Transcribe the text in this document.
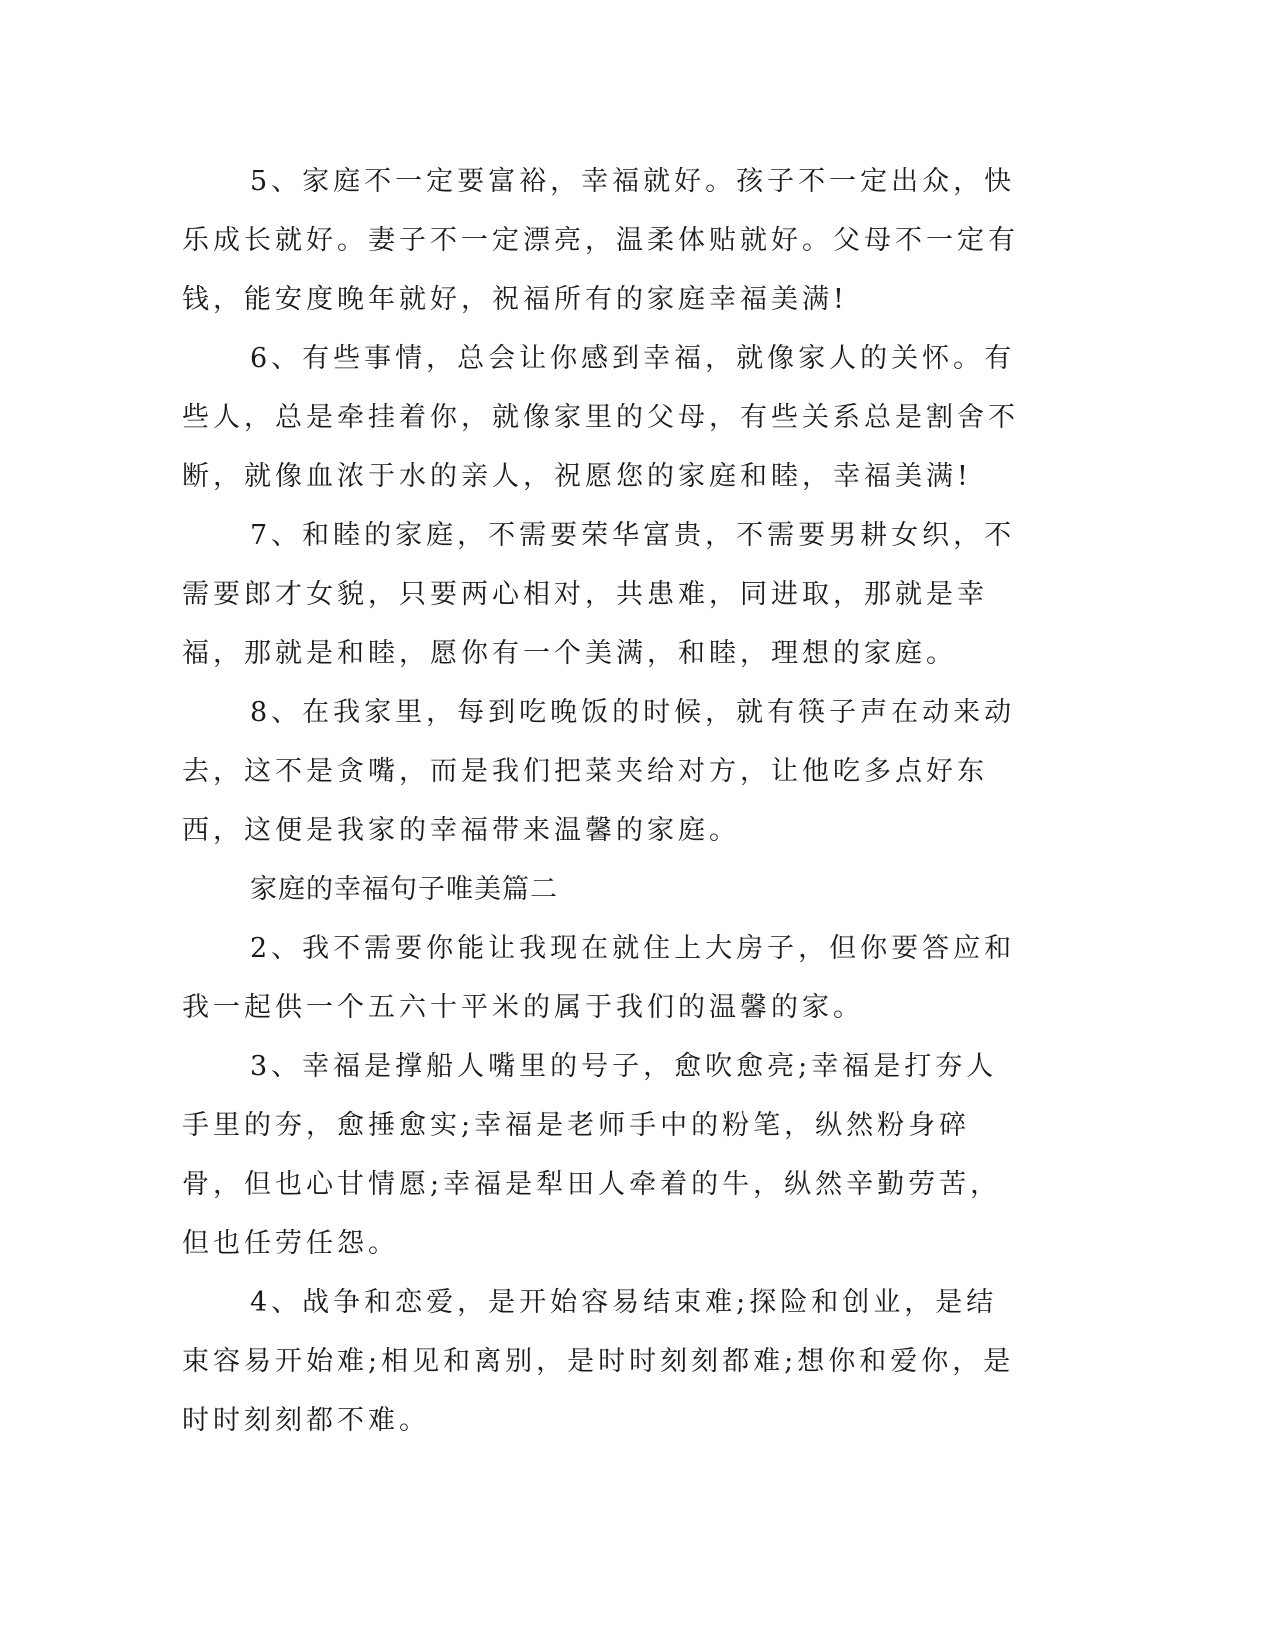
5、家庭不一定要富裕，幸福就好。孩子不一定出众，快乐成长就好。妻子不一定漂亮，温柔体贴就好。父母不一定有钱，能安度晚年就好，祝福所有的家庭幸福美满!

6、有些事情，总会让你感到幸福，就像家人的关怀。有些人，总是牵挂着你，就像家里的父母，有些关系总是割舍不断，就像血浓于水的亲人，祝愿您的家庭和睦，幸福美满!

7、和睦的家庭，不需要荣华富贵，不需要男耕女织，不需要郎才女貌，只要两心相对，共患难，同进取，那就是幸福，那就是和睦，愿你有一个美满，和睦，理想的家庭。

8、在我家里，每到吃晚饭的时候，就有筷子声在动来动去，这不是贪嘴，而是我们把菜夹给对方，让他吃多点好东西，这便是我家的幸福带来温馨的家庭。

家庭的幸福句子唯美篇二

2、我不需要你能让我现在就住上大房子，但你要答应和我一起供一个五六十平米的属于我们的温馨的家。

3、幸福是撑船人嘴里的号子，愈吹愈亮;幸福是打夯人手里的夯，愈捶愈实;幸福是老师手中的粉笔，纵然粉身碎骨，但也心甘情愿;幸福是犁田人牵着的牛，纵然辛勤劳苦，但也任劳任怨。

4、战争和恋爱，是开始容易结束难;探险和创业，是结束容易开始难;相见和离别，是时时刻刻都难;想你和爱你，是时时刻刻都不难。
